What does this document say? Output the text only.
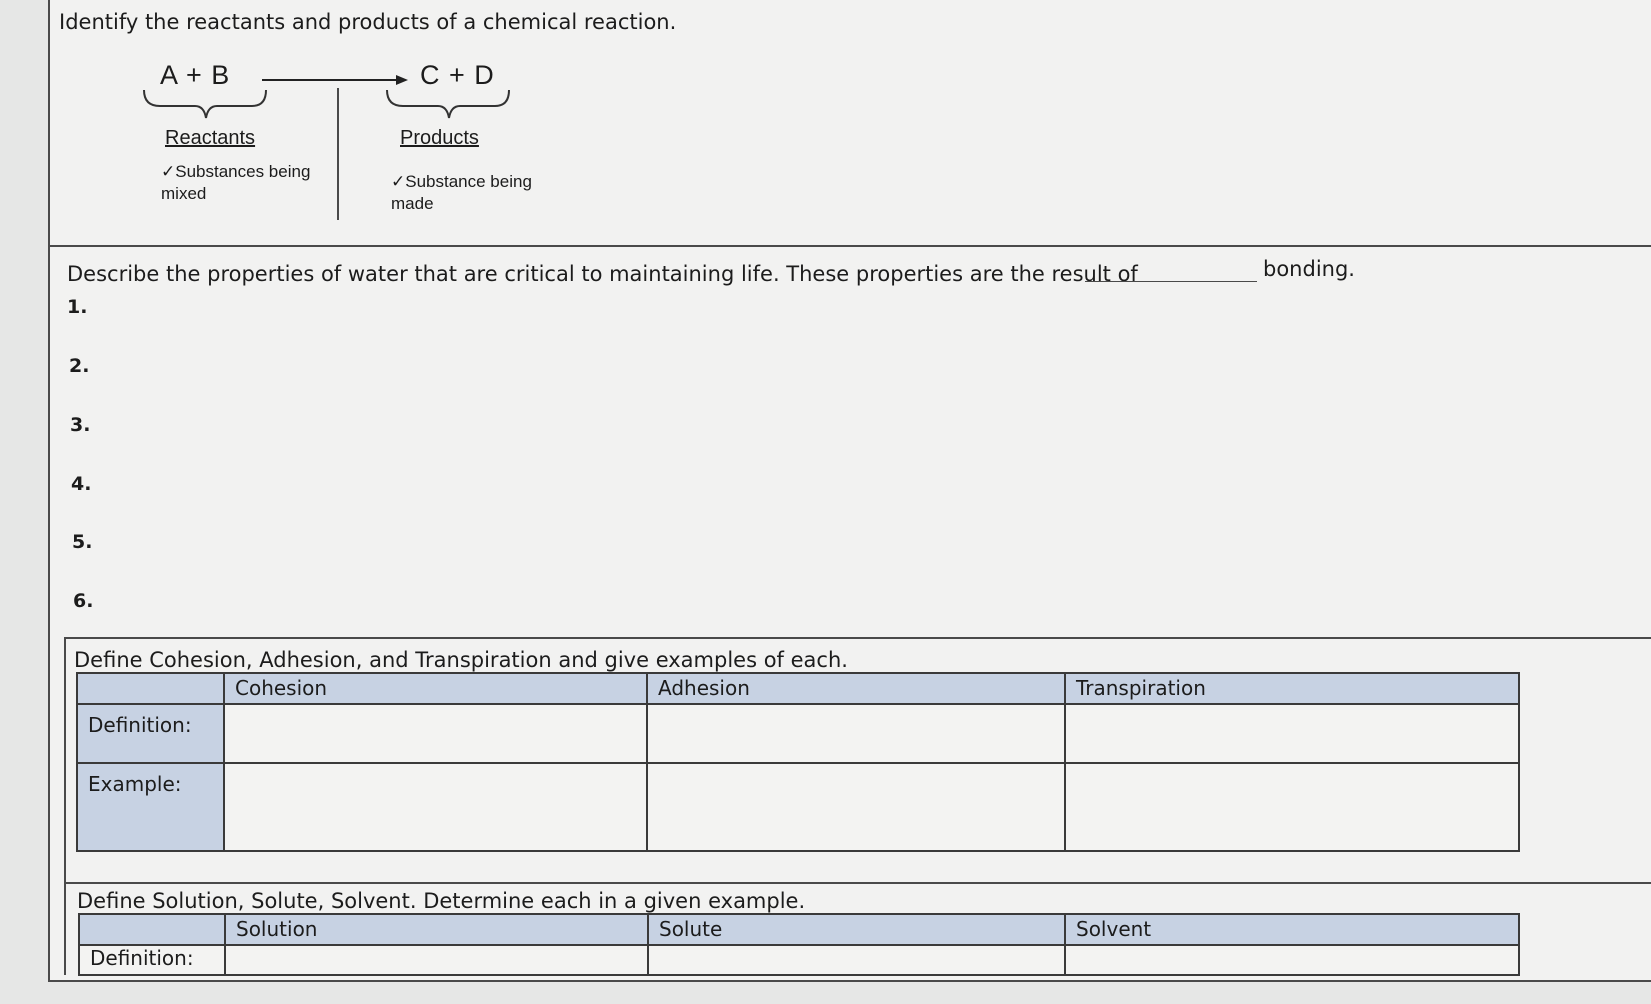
Identify the reactants and products of a chemical reaction.
A + B	C + D
Reactants
✓Substances being mixed
Products
✓Substance being made
Describe the properties of water that are critical to maintaining life. These properties are the result of	bonding.
1.
2.
3.
4.
5.
6.
Define Cohesion, Adhesion, and Transpiration and give examples of each.
	Cohesion	Adhesion	Transpiration
Definition:			
Example:			
Define Solution, Solute, Solvent. Determine each in a given example.
	Solution	Solute	Solvent
Definition:			
